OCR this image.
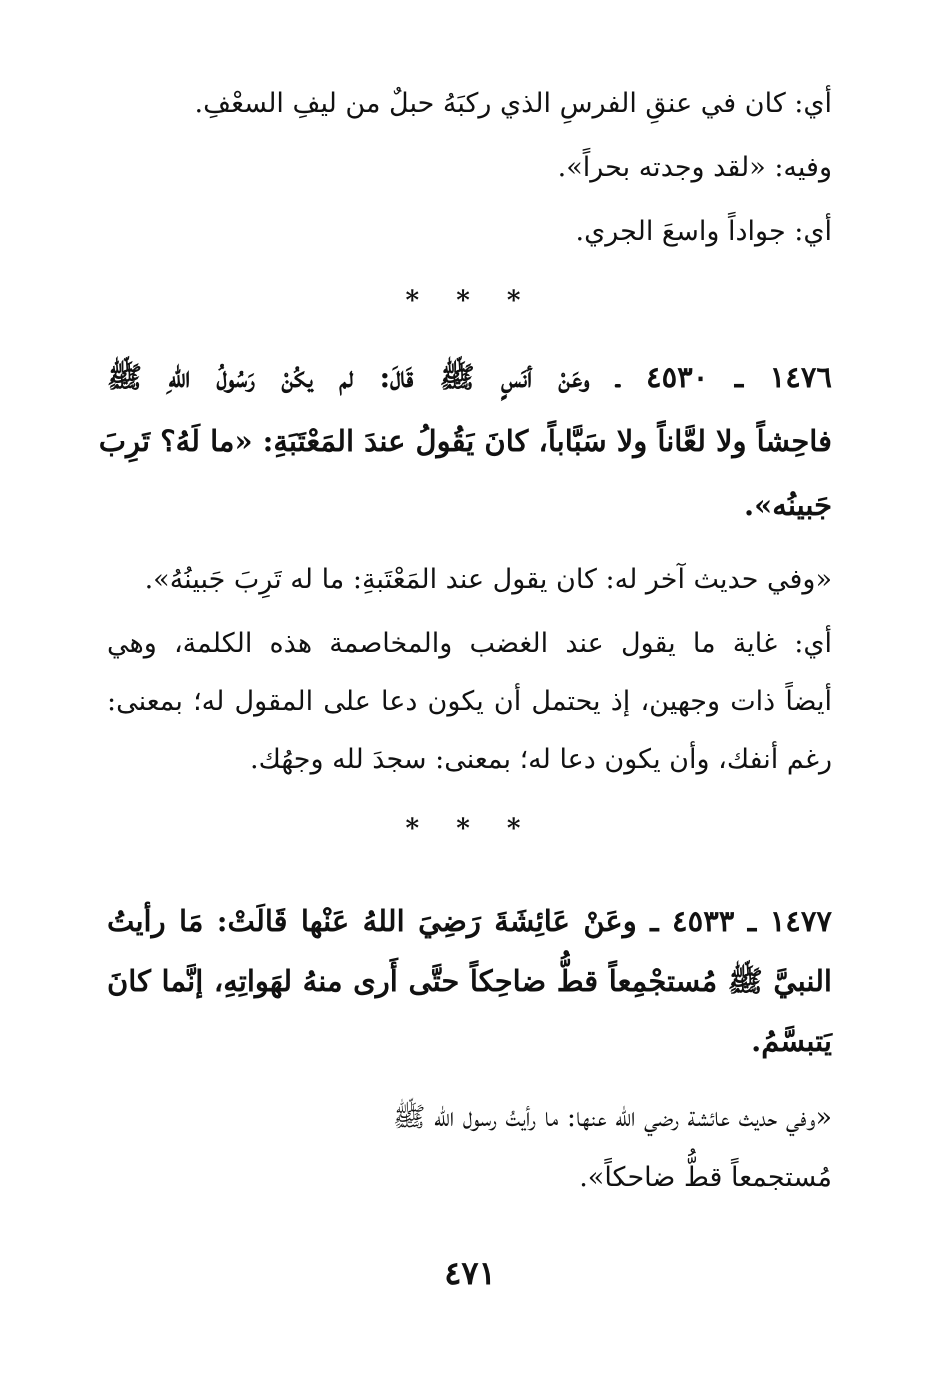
أي: كان في عنقِ الفرسِ الذي ركبَهُ حبلٌ من ليفِ السعْفِ.
وفيه: «لقد وجدته بحراً».
أي: جواداً واسعَ الجري.
* * *
١٤٧٦ ـ ٤٥٣٠ ـ وعَنْ أنَسٍ ﷺ قَالَ: لم يكُنْ رَسُولُ اللهِ ﷺ
فاحِشاً ولا لعَّاناً ولا سَبَّاباً، كانَ يَقُولُ عندَ المَعْتَبَةِ: «ما لَهُ؟ تَرِبَ
جَبينُه».
«وفي حديث آخر له: كان يقول عند المَعْتَبةِ: ما له تَرِبَ جَبينُهُ».
أي: غاية ما يقول عند الغضب والمخاصمة هذه الكلمة، وهي
أيضاً ذات وجهين، إذ يحتمل أن يكون دعا على المقول له؛ بمعنى:
رغم أنفك، وأن يكون دعا له؛ بمعنى: سجدَ لله وجهُك.
* * *
١٤٧٧ ـ ٤٥٣٣ ـ وعَنْ عَائِشَةَ رَضِيَ اللهُ عَنْها قَالَتْ: مَا رأيتُ
النبيَّ ﷺ مُستجْمِعاً قطُّ ضاحِكاً حتَّى أَرى منهُ لهَواتِهِ، إنَّما كانَ
يَتبسَّمُ.
«وفي حديث عائشة رضي الله عنها: ما رأيتُ رسول الله ﷺ
مُستجمعاً قطُّ ضاحكاً».
٤٧١
